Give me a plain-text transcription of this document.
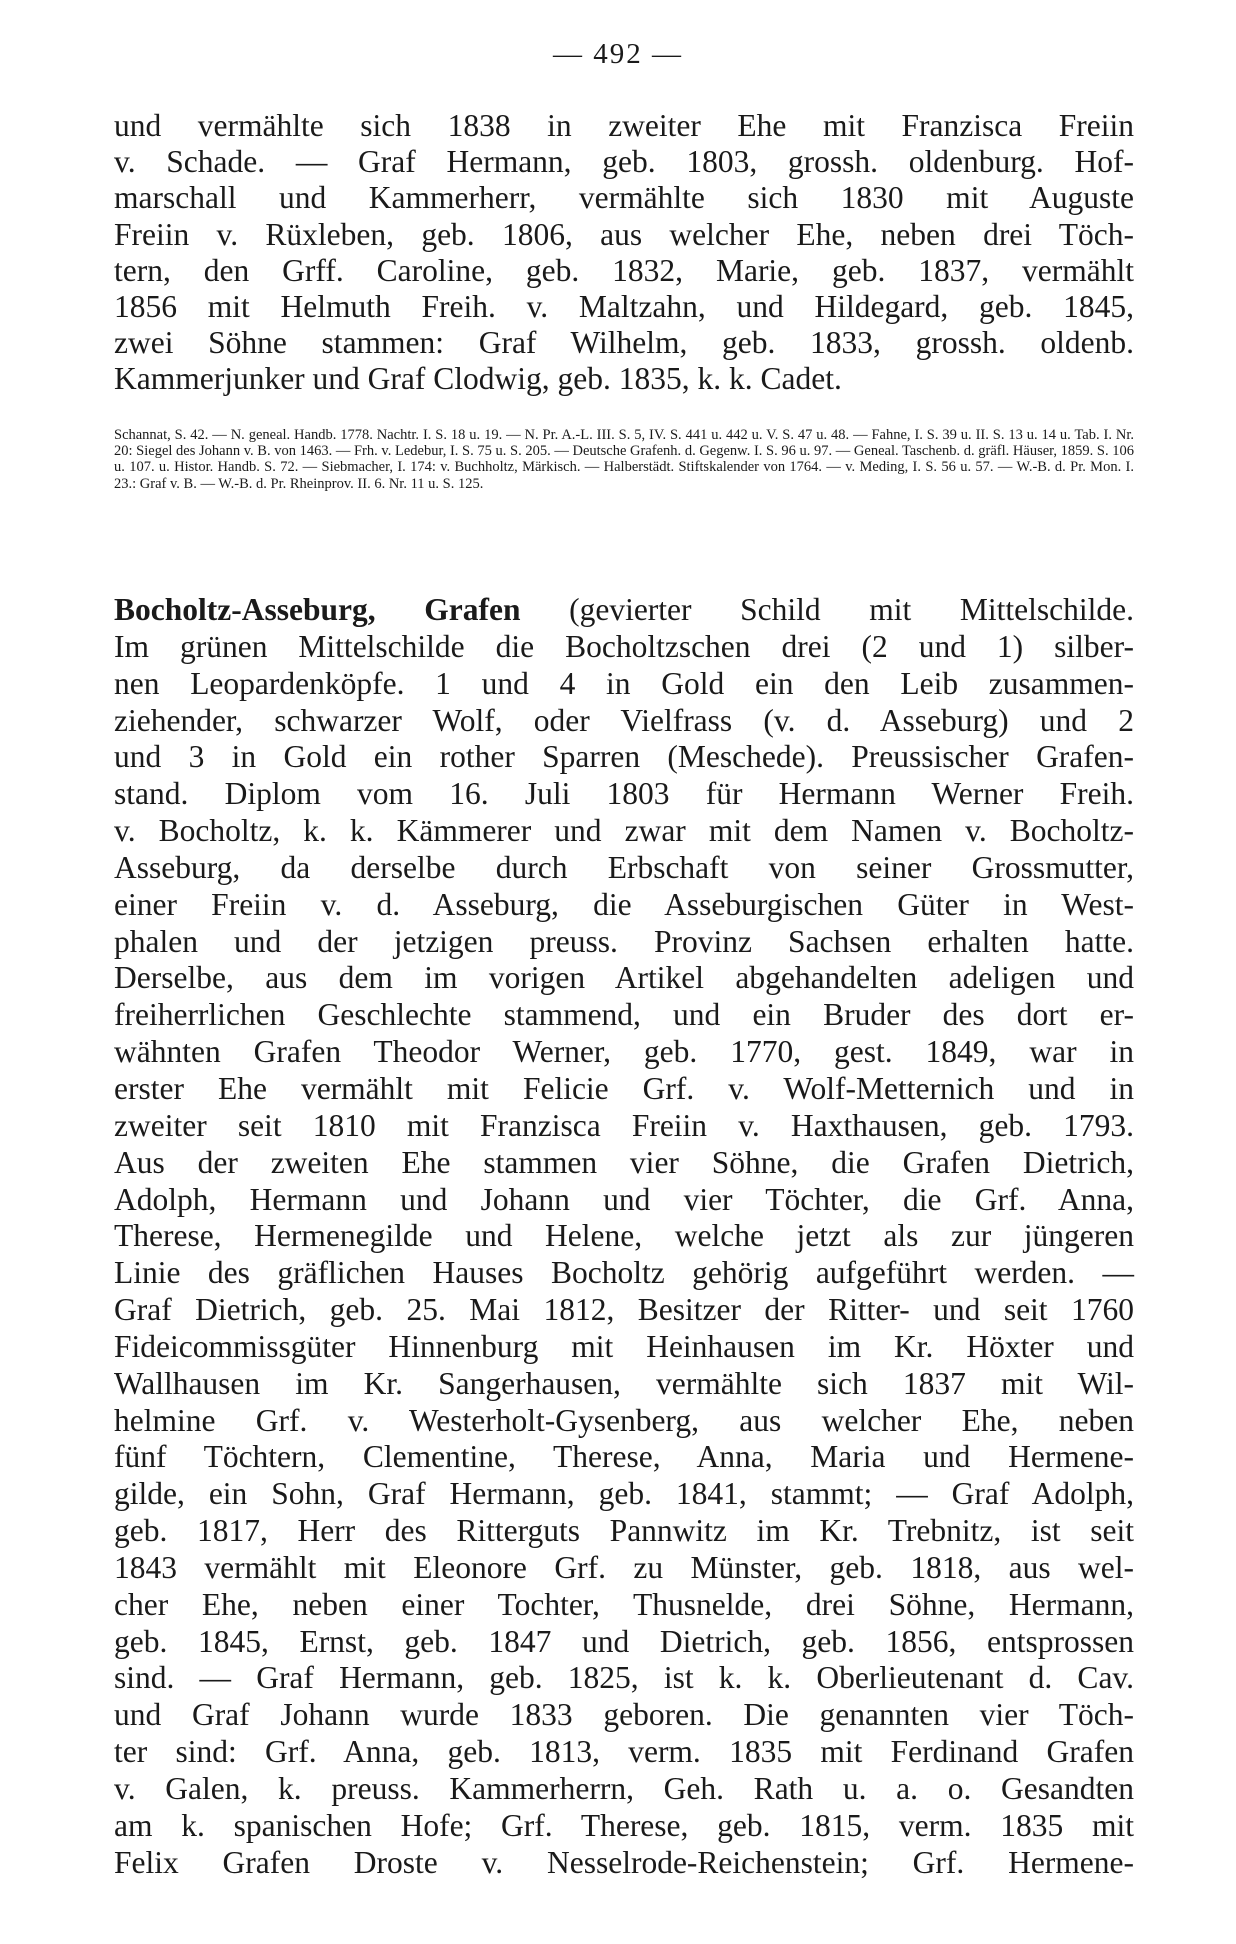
— 492 —
und vermählte sich 1838 in zweiter Ehe mit Franzisca Freiin
v. Schade. — Graf Hermann, geb. 1803, grossh. oldenburg. Hof-
marschall und Kammerherr, vermählte sich 1830 mit Auguste
Freiin v. Rüxleben, geb. 1806, aus welcher Ehe, neben drei Töch-
tern, den Grff. Caroline, geb. 1832, Marie, geb. 1837, vermählt
1856 mit Helmuth Freih. v. Maltzahn, und Hildegard, geb. 1845,
zwei Söhne stammen: Graf Wilhelm, geb. 1833, grossh. oldenb.
Kammerjunker und Graf Clodwig, geb. 1835, k. k. Cadet.

Schannat, S. 42. — N. geneal. Handb. 1778. Nachtr. I. S. 18 u. 19. — N. Pr. A.-L. III. S. 5, IV. S. 441 u. 442 u. V. S. 47 u. 48. — Fahne, I. S. 39 u. II. S. 13 u. 14 u. Tab. I. Nr. 20: Siegel des Johann v. B. von 1463. — Frh. v. Ledebur, I. S. 75 u. S. 205. — Deutsche Grafenh. d. Gegenw. I. S. 96 u. 97. — Geneal. Taschenb. d. gräfl. Häuser, 1859. S. 106 u. 107. u. Histor. Handb. S. 72. — Siebmacher, I. 174: v. Buchholtz, Märkisch. — Halberstädt. Stiftskalender von 1764. — v. Meding, I. S. 56 u. 57. — W.-B. d. Pr. Mon. I. 23.: Graf v. B. — W.-B. d. Pr. Rheinprov. II. 6. Nr. 11 u. S. 125.

Bocholtz-Asseburg, Grafen (gevierter Schild mit Mittelschilde.
Im grünen Mittelschilde die Bocholtzschen drei (2 und 1) silber-
nen Leopardenköpfe. 1 und 4 in Gold ein den Leib zusammen-
ziehender, schwarzer Wolf, oder Vielfrass (v. d. Asseburg) und 2
und 3 in Gold ein rother Sparren (Meschede). Preussischer Grafen-
stand. Diplom vom 16. Juli 1803 für Hermann Werner Freih.
v. Bocholtz, k. k. Kämmerer und zwar mit dem Namen v. Bocholtz-
Asseburg, da derselbe durch Erbschaft von seiner Grossmutter,
einer Freiin v. d. Asseburg, die Asseburgischen Güter in West-
phalen und der jetzigen preuss. Provinz Sachsen erhalten hatte.
Derselbe, aus dem im vorigen Artikel abgehandelten adeligen und
freiherrlichen Geschlechte stammend, und ein Bruder des dort er-
wähnten Grafen Theodor Werner, geb. 1770, gest. 1849, war in
erster Ehe vermählt mit Felicie Grf. v. Wolf-Metternich und in
zweiter seit 1810 mit Franzisca Freiin v. Haxthausen, geb. 1793.
Aus der zweiten Ehe stammen vier Söhne, die Grafen Dietrich,
Adolph, Hermann und Johann und vier Töchter, die Grf. Anna,
Therese, Hermenegilde und Helene, welche jetzt als zur jüngeren
Linie des gräflichen Hauses Bocholtz gehörig aufgeführt werden. —
Graf Dietrich, geb. 25. Mai 1812, Besitzer der Ritter- und seit 1760
Fideicommissgüter Hinnenburg mit Heinhausen im Kr. Höxter und
Wallhausen im Kr. Sangerhausen, vermählte sich 1837 mit Wil-
helmine Grf. v. Westerholt-Gysenberg, aus welcher Ehe, neben
fünf Töchtern, Clementine, Therese, Anna, Maria und Hermene-
gilde, ein Sohn, Graf Hermann, geb. 1841, stammt; — Graf Adolph,
geb. 1817, Herr des Ritterguts Pannwitz im Kr. Trebnitz, ist seit
1843 vermählt mit Eleonore Grf. zu Münster, geb. 1818, aus wel-
cher Ehe, neben einer Tochter, Thusnelde, drei Söhne, Hermann,
geb. 1845, Ernst, geb. 1847 und Dietrich, geb. 1856, entsprossen
sind. — Graf Hermann, geb. 1825, ist k. k. Oberlieutenant d. Cav.
und Graf Johann wurde 1833 geboren. Die genannten vier Töch-
ter sind: Grf. Anna, geb. 1813, verm. 1835 mit Ferdinand Grafen
v. Galen, k. preuss. Kammerherrn, Geh. Rath u. a. o. Gesandten
am k. spanischen Hofe; Grf. Therese, geb. 1815, verm. 1835 mit
Felix Grafen Droste v. Nesselrode-Reichenstein; Grf. Hermene-
